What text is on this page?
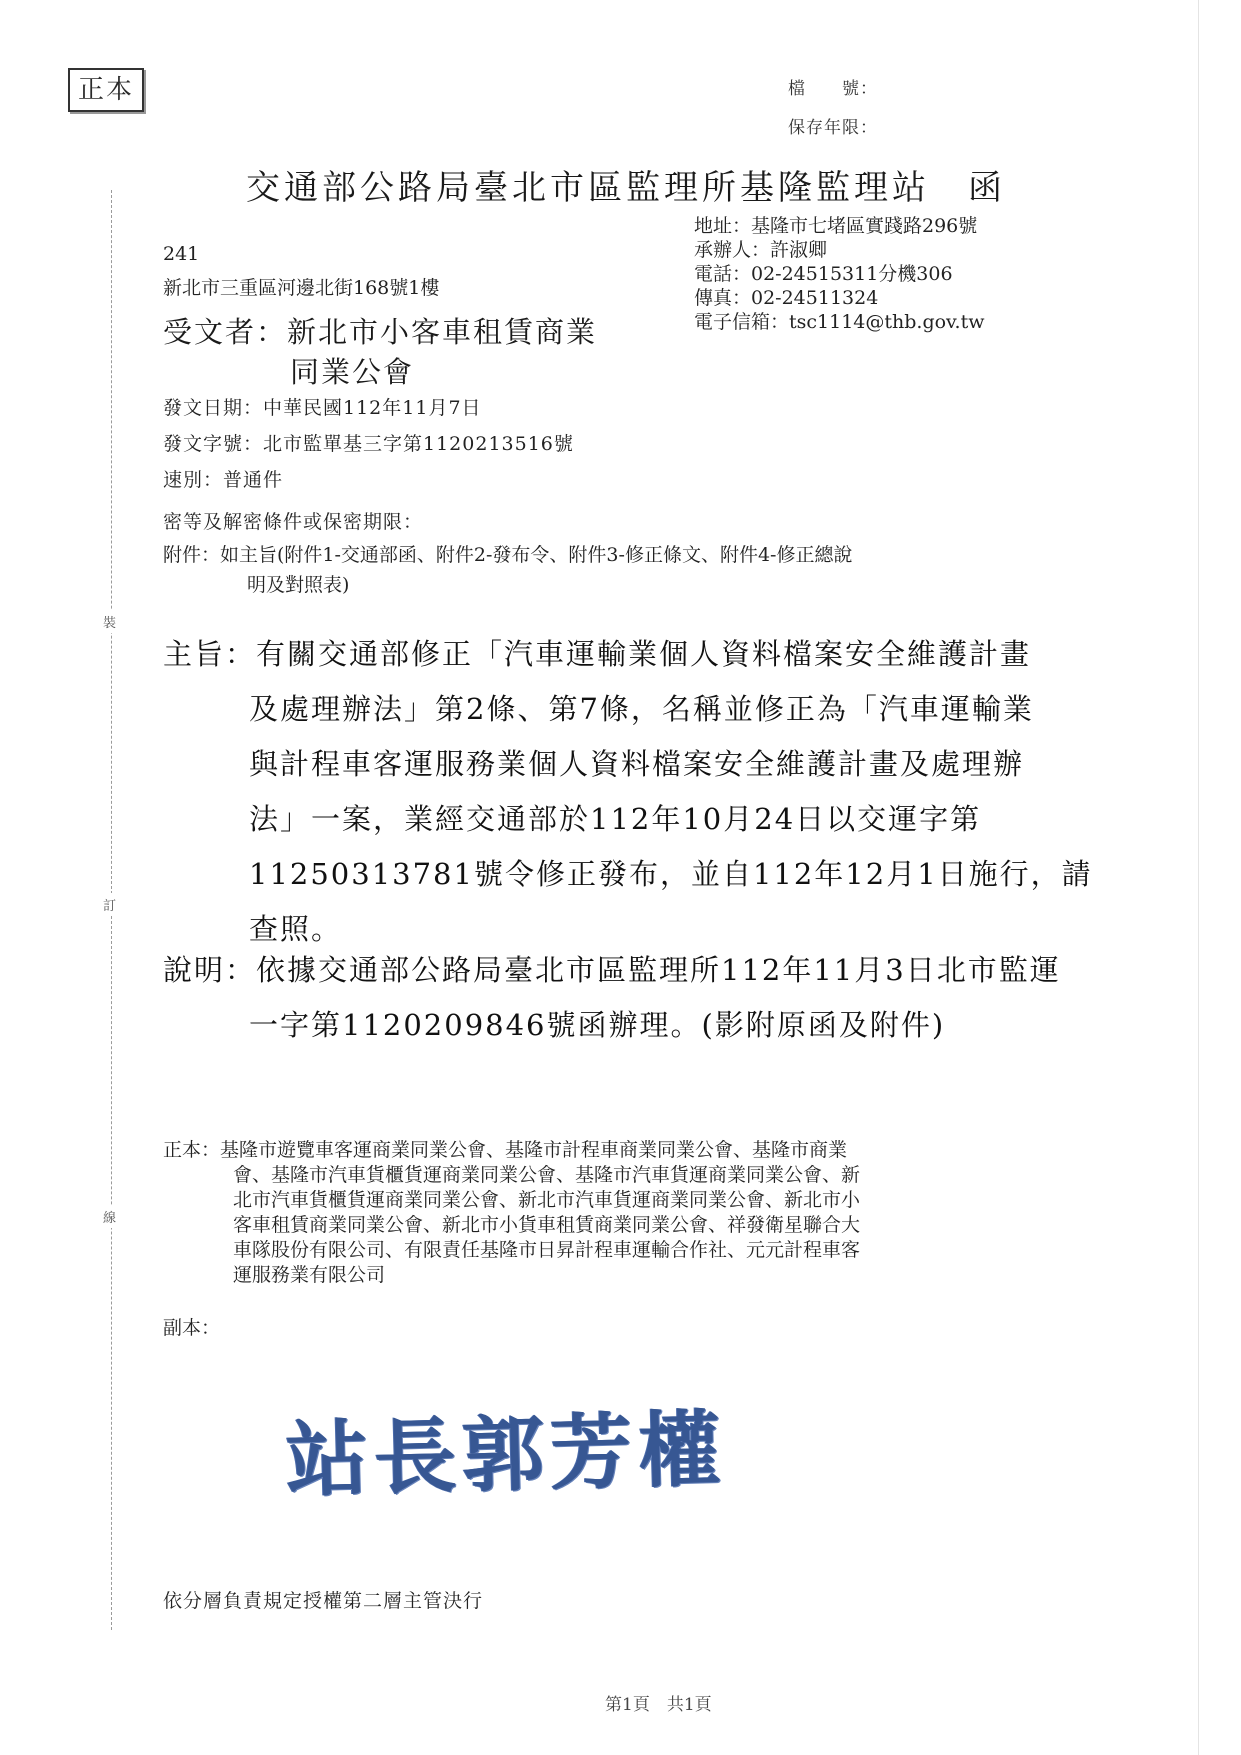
正本	檔　　號：
保存年限：
交通部公路局臺北市區監理所基隆監理站　函
地址：基隆市七堵區實踐路296號
承辦人：許淑卿
電話：02-24515311分機306
傳真：02-24511324
電子信箱：tsc1114@thb.gov.tw
241
新北市三重區河邊北街168號1樓
受文者：新北市小客車租賃商業
同業公會
發文日期：中華民國112年11月7日
發文字號：北市監單基三字第1120213516號
速別：普通件
密等及解密條件或保密期限：
附件：如主旨(附件1-交通部函、附件2-發布令、附件3-修正條文、附件4-修正總說
明及對照表)
主旨：有關交通部修正「汽車運輸業個人資料檔案安全維護計畫
及處理辦法」第2條、第7條，名稱並修正為「汽車運輸業
與計程車客運服務業個人資料檔案安全維護計畫及處理辦
法」一案，業經交通部於112年10月24日以交運字第
11250313781號令修正發布，並自112年12月1日施行，請
查照。
說明：依據交通部公路局臺北市區監理所112年11月3日北市監運
一字第1120209846號函辦理。(影附原函及附件)
正本：基隆市遊覽車客運商業同業公會、基隆市計程車商業同業公會、基隆市商業
會、基隆市汽車貨櫃貨運商業同業公會、基隆市汽車貨運商業同業公會、新
北市汽車貨櫃貨運商業同業公會、新北市汽車貨運商業同業公會、新北市小
客車租賃商業同業公會、新北市小貨車租賃商業同業公會、祥發衛星聯合大
車隊股份有限公司、有限責任基隆市日昇計程車運輸合作社、元元計程車客
運服務業有限公司
副本：
站長郭芳權
依分層負責規定授權第二層主管決行
第1頁　共1頁
裝
訂
線
